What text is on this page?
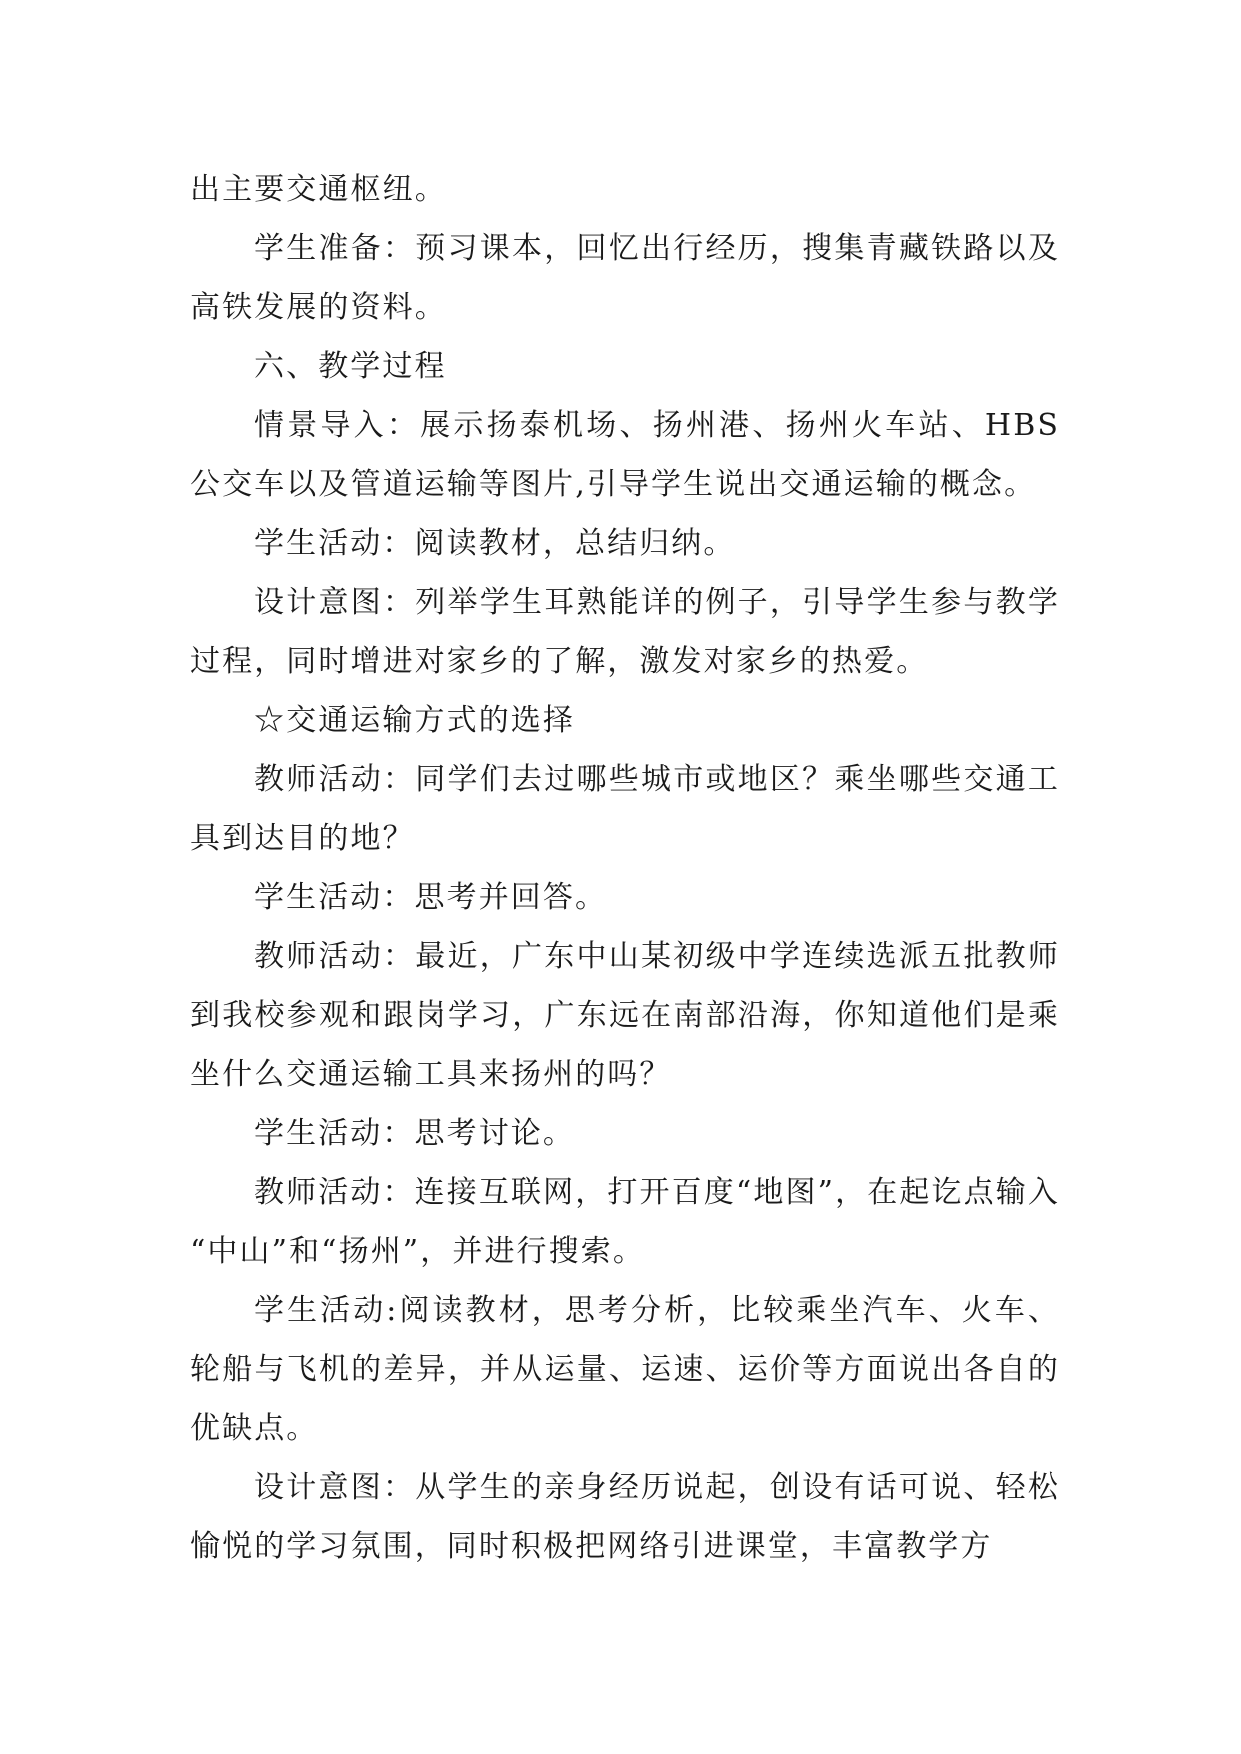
出主要交通枢纽。

学生准备：预习课本，回忆出行经历，搜集青藏铁路以及高铁发展的资料。

六、教学过程

情景导入：展示扬泰机场、扬州港、扬州火车站、HBS公交车以及管道运输等图片,引导学生说出交通运输的概念。

学生活动：阅读教材，总结归纳。

设计意图：列举学生耳熟能详的例子，引导学生参与教学过程，同时增进对家乡的了解，激发对家乡的热爱。

☆交通运输方式的选择

教师活动：同学们去过哪些城市或地区？乘坐哪些交通工具到达目的地？

学生活动：思考并回答。

教师活动：最近，广东中山某初级中学连续选派五批教师到我校参观和跟岗学习，广东远在南部沿海，你知道他们是乘坐什么交通运输工具来扬州的吗？

学生活动：思考讨论。

教师活动：连接互联网，打开百度“地图”，在起讫点输入“中山”和“扬州”，并进行搜索。

学生活动:阅读教材，思考分析，比较乘坐汽车、火车、轮船与飞机的差异，并从运量、运速、运价等方面说出各自的优缺点。

设计意图：从学生的亲身经历说起，创设有话可说、轻松愉悦的学习氛围，同时积极把网络引进课堂，丰富教学方
